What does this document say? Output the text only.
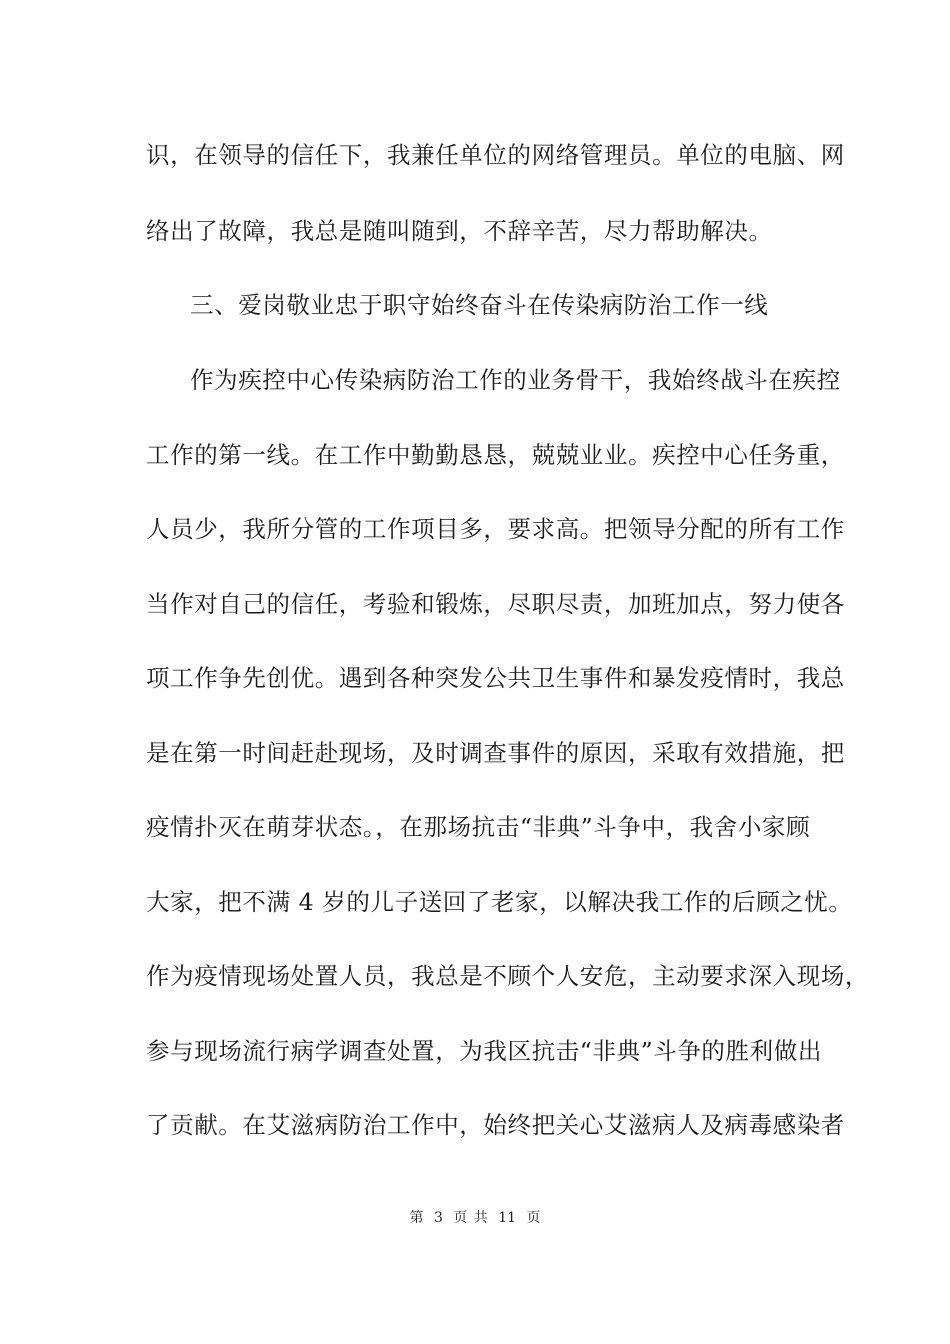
识，在领导的信任下，我兼任单位的网络管理员。单位的电脑、网
络出了故障，我总是随叫随到，不辞辛苦，尽力帮助解决。
三、爱岗敬业忠于职守始终奋斗在传染病防治工作一线
作为疾控中心传染病防治工作的业务骨干，我始终战斗在疾控
工作的第一线。在工作中勤勤恳恳，兢兢业业。疾控中心任务重，
人员少，我所分管的工作项目多，要求高。把领导分配的所有工作
当作对自己的信任，考验和锻炼，尽职尽责，加班加点，努力使各
项工作争先创优。遇到各种突发公共卫生事件和暴发疫情时，我总
是在第一时间赶赴现场，及时调查事件的原因，采取有效措施，把
疫情扑灭在萌芽状态。，在那场抗击“非典”斗争中，我舍小家顾
大家，把不满 4 岁的儿子送回了老家，以解决我工作的后顾之忧。
作为疫情现场处置人员，我总是不顾个人安危，主动要求深入现场，
参与现场流行病学调查处置，为我区抗击“非典”斗争的胜利做出
了贡献。在艾滋病防治工作中，始终把关心艾滋病人及病毒感染者
第 3 页 共 11 页
